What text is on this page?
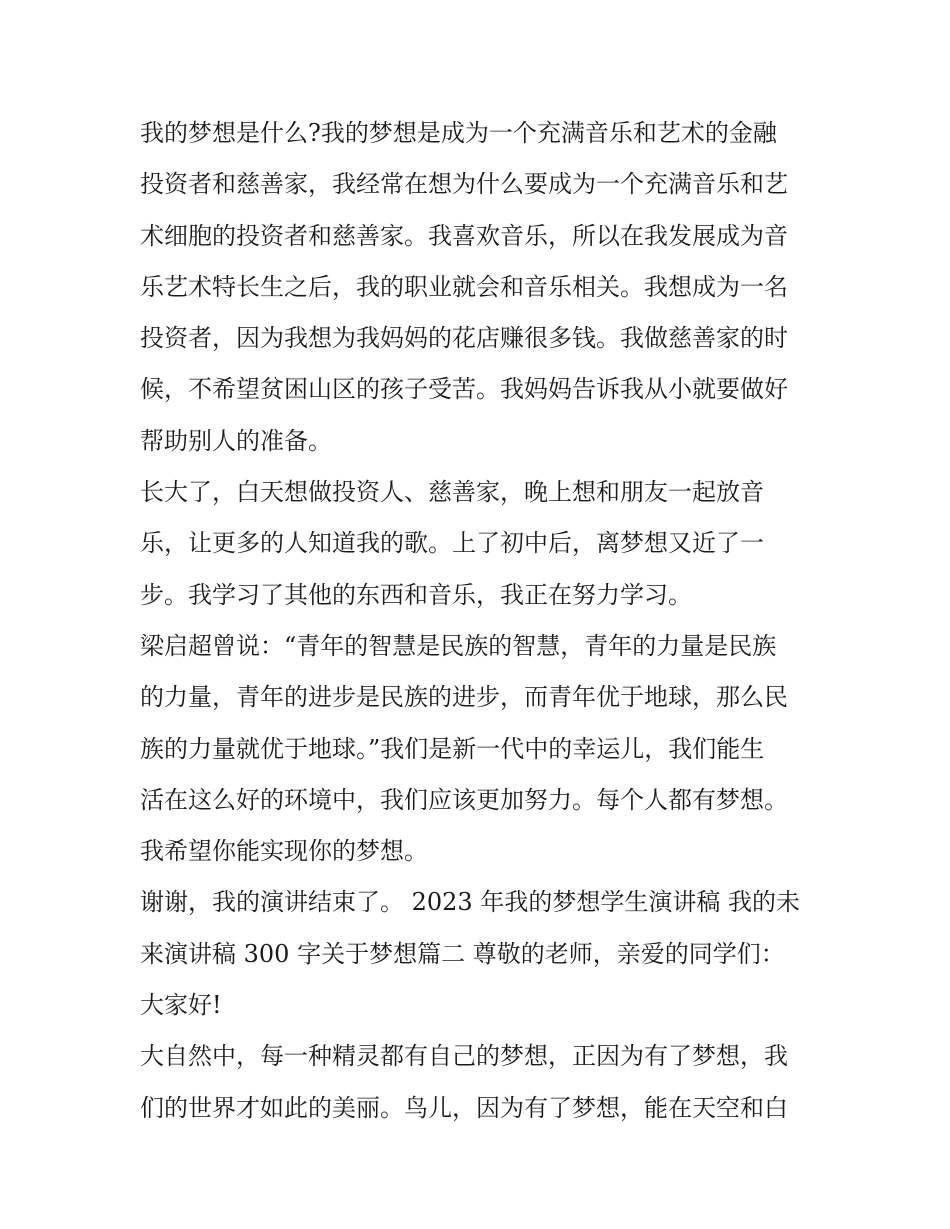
我的梦想是什么?我的梦想是成为一个充满音乐和艺术的金融
投资者和慈善家，我经常在想为什么要成为一个充满音乐和艺
术细胞的投资者和慈善家。我喜欢音乐，所以在我发展成为音
乐艺术特长生之后，我的职业就会和音乐相关。我想成为一名
投资者，因为我想为我妈妈的花店赚很多钱。我做慈善家的时
候，不希望贫困山区的孩子受苦。我妈妈告诉我从小就要做好
帮助别人的准备。
长大了，白天想做投资人、慈善家，晚上想和朋友一起放音
乐，让更多的人知道我的歌。上了初中后，离梦想又近了一
步。我学习了其他的东西和音乐，我正在努力学习。
梁启超曾说：“青年的智慧是民族的智慧，青年的力量是民族
的力量，青年的进步是民族的进步，而青年优于地球，那么民
族的力量就优于地球。”我们是新一代中的幸运儿，我们能生
活在这么好的环境中，我们应该更加努力。每个人都有梦想。
我希望你能实现你的梦想。
谢谢，我的演讲结束了。 2023 年我的梦想学生演讲稿 我的未
来演讲稿 300 字关于梦想篇二 尊敬的老师，亲爱的同学们：
大家好!
大自然中，每一种精灵都有自己的梦想，正因为有了梦想，我
们的世界才如此的美丽。鸟儿，因为有了梦想，能在天空和白
